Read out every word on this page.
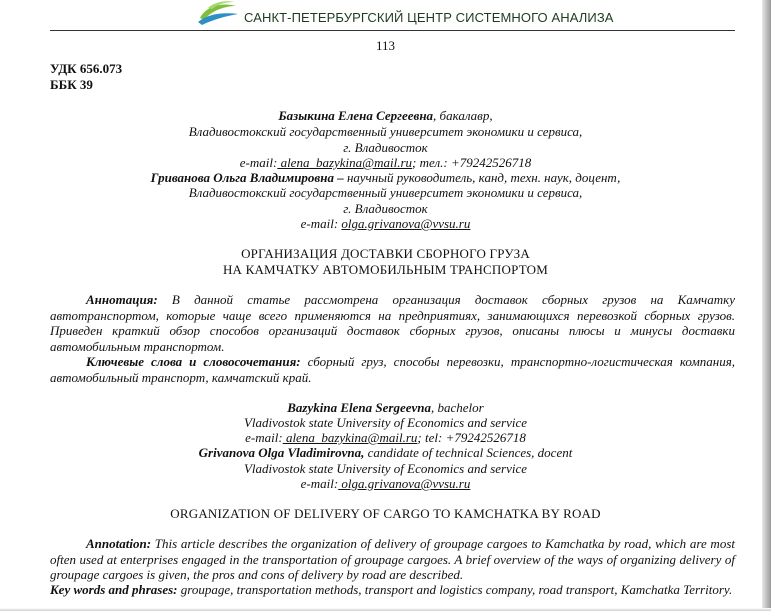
САНКТ-ПЕТЕРБУРГСКИЙ ЦЕНТР СИСТЕМНОГО АНАЛИЗА
113
УДК 656.073
ББК 39
Базыкина Елена Сергеевна, бакалавр,
Владивостокский государственный университет экономики и сервиса,
г. Владивосток
e-mail: alena_bazykina@mail.ru; тел.: +79242526718
Гриванова Ольга Владимировна – научный руководитель, канд, техн. наук, доцент,
Владивостокский государственный университет экономики и сервиса,
г. Владивосток
e-mail: olga.grivanova@vvsu.ru
ОРГАНИЗАЦИЯ ДОСТАВКИ СБОРНОГО ГРУЗА
НА КАМЧАТКУ АВТОМОБИЛЬНЫМ ТРАНСПОРТОМ
Аннотация: В данной статье рассмотрена организация доставок сборных грузов на Камчатку автотранспортом, которые чаще всего применяются на предприятиях, занимающихся перевозкой сборных грузов. Приведен краткий обзор способов организаций доставок сборных грузов, описаны плюсы и минусы доставки автомобильным транспортом.
Ключевые слова и словосочетания: сборный груз, способы перевозки, транспортно-логистическая компания, автомобильный транспорт, камчатский край.
Bazykina Elena Sergeevna, bachelor
Vladivostok state University of Economics and service
e-mail: alena_bazykina@mail.ru; tel: +79242526718
Grivanova Olga Vladimirovna, candidate of technical Sciences, docent
Vladivostok state University of Economics and service
e-mail: olga.grivanova@vvsu.ru
ORGANIZATION OF DELIVERY OF CARGO TO KAMCHATKA BY ROAD
Annotation: This article describes the organization of delivery of groupage cargoes to Kamchatka by road, which are most often used at enterprises engaged in the transportation of groupage cargoes. A brief overview of the ways of organizing delivery of groupage cargoes is given, the pros and cons of delivery by road are described.
Key words and phrases: groupage, transportation methods, transport and logistics company, road transport, Kamchatka Territory.
